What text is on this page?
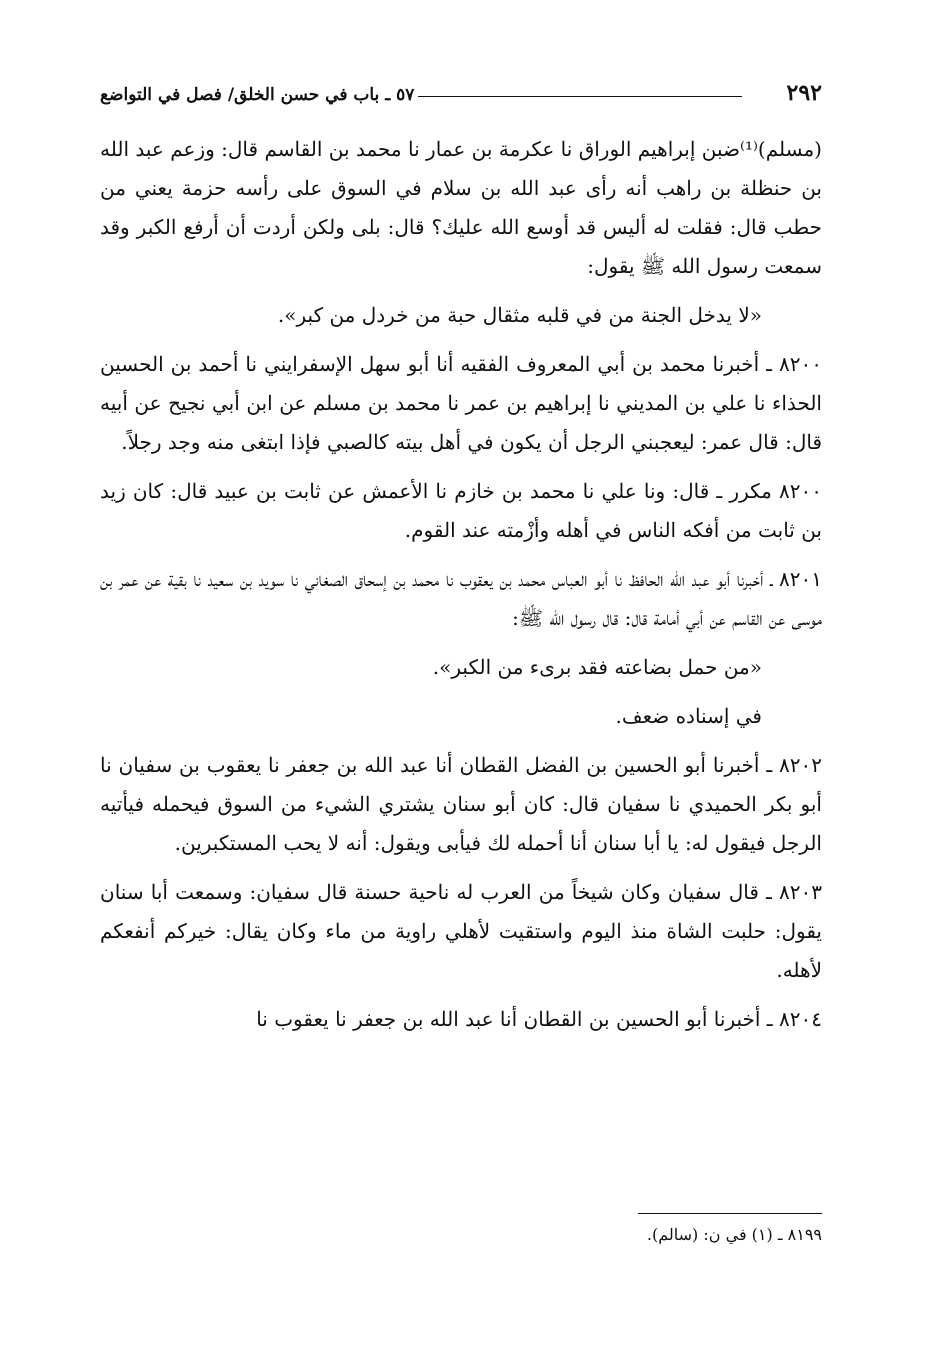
٢٩٢
٥٧ ـ باب في حسن الخلق/ فصل في التواضع

(مسلم)⁽¹⁾ضبن إبراهيم الوراق نا عكرمة بن عمار نا محمد بن القاسم قال: وزعم عبد الله بن حنظلة بن راهب أنه رأى عبد الله بن سلام في السوق على رأسه حزمة يعني من حطب قال: فقلت له أليس قد أوسع الله عليك؟ قال: بلى ولكن أردت أن أرفع الكبر وقد سمعت رسول الله ﷺ يقول:

«لا يدخل الجنة من في قلبه مثقال حبة من خردل من كبر».

٨٢٠٠ ـ أخبرنا محمد بن أبي المعروف الفقيه أنا أبو سهل الإسفرايني نا أحمد بن الحسين الحذاء نا علي بن المديني نا إبراهيم بن عمر نا محمد بن مسلم عن ابن أبي نجيح عن أبيه قال: قال عمر: ليعجبني الرجل أن يكون في أهل بيته كالصبي فإذا ابتغى منه وجد رجلاً.

٨٢٠٠ مكرر ـ قال: ونا علي نا محمد بن خازم نا الأعمش عن ثابت بن عبيد قال: كان زيد بن ثابت من أفكه الناس في أهله وأزْمته عند القوم.

٨٢٠١ ـ أخبرنا أبو عبد الله الحافظ نا أبو العباس محمد بن يعقوب نا محمد بن إسحاق الصغاني نا سويد بن سعيد نا بقية عن عمر بن موسى عن القاسم عن أبي أمامة قال: قال رسول الله ﷺ:

«من حمل بضاعته فقد برىء من الكبر».

في إسناده ضعف.

٨٢٠٢ ـ أخبرنا أبو الحسين بن الفضل القطان أنا عبد الله بن جعفر نا يعقوب بن سفيان نا أبو بكر الحميدي نا سفيان قال: كان أبو سنان يشتري الشيء من السوق فيحمله فيأتيه الرجل فيقول له: يا أبا سنان أنا أحمله لك فيأبى ويقول: أنه لا يحب المستكبرين.

٨٢٠٣ ـ قال سفيان وكان شيخاً من العرب له ناحية حسنة قال سفيان: وسمعت أبا سنان يقول: حلبت الشاة منذ اليوم واستقيت لأهلي راوية من ماء وكان يقال: خيركم أنفعكم لأهله.

٨٢٠٤ ـ أخبرنا أبو الحسين بن القطان أنا عبد الله بن جعفر نا يعقوب نا

٨١٩٩ ـ (١) في ن: (سالم).
